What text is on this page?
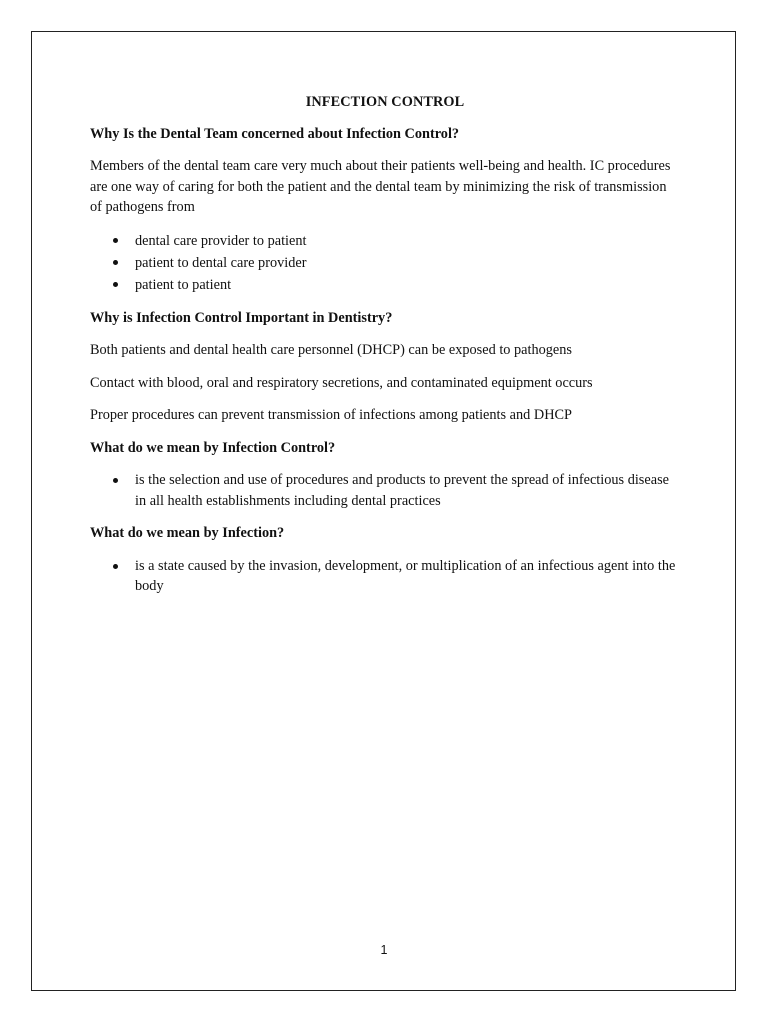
INFECTION CONTROL
Why Is the Dental Team concerned about Infection Control?
Members of the dental team care very much about their patients well-being and health. IC procedures are one way of caring for both the patient and the dental team by minimizing the risk of transmission of pathogens from
dental care provider to patient
patient to dental care provider
patient to patient
Why is Infection Control Important in Dentistry?
Both patients and dental health care personnel (DHCP) can be exposed to pathogens
Contact with blood, oral and respiratory secretions, and contaminated equipment occurs
Proper procedures can prevent transmission of infections among patients and DHCP
What do we mean by Infection Control?
is the selection and use of procedures and products to prevent the spread of infectious disease in all health establishments including dental practices
What do we mean by Infection?
is a state caused by the invasion, development, or multiplication of an infectious agent into the body
1
